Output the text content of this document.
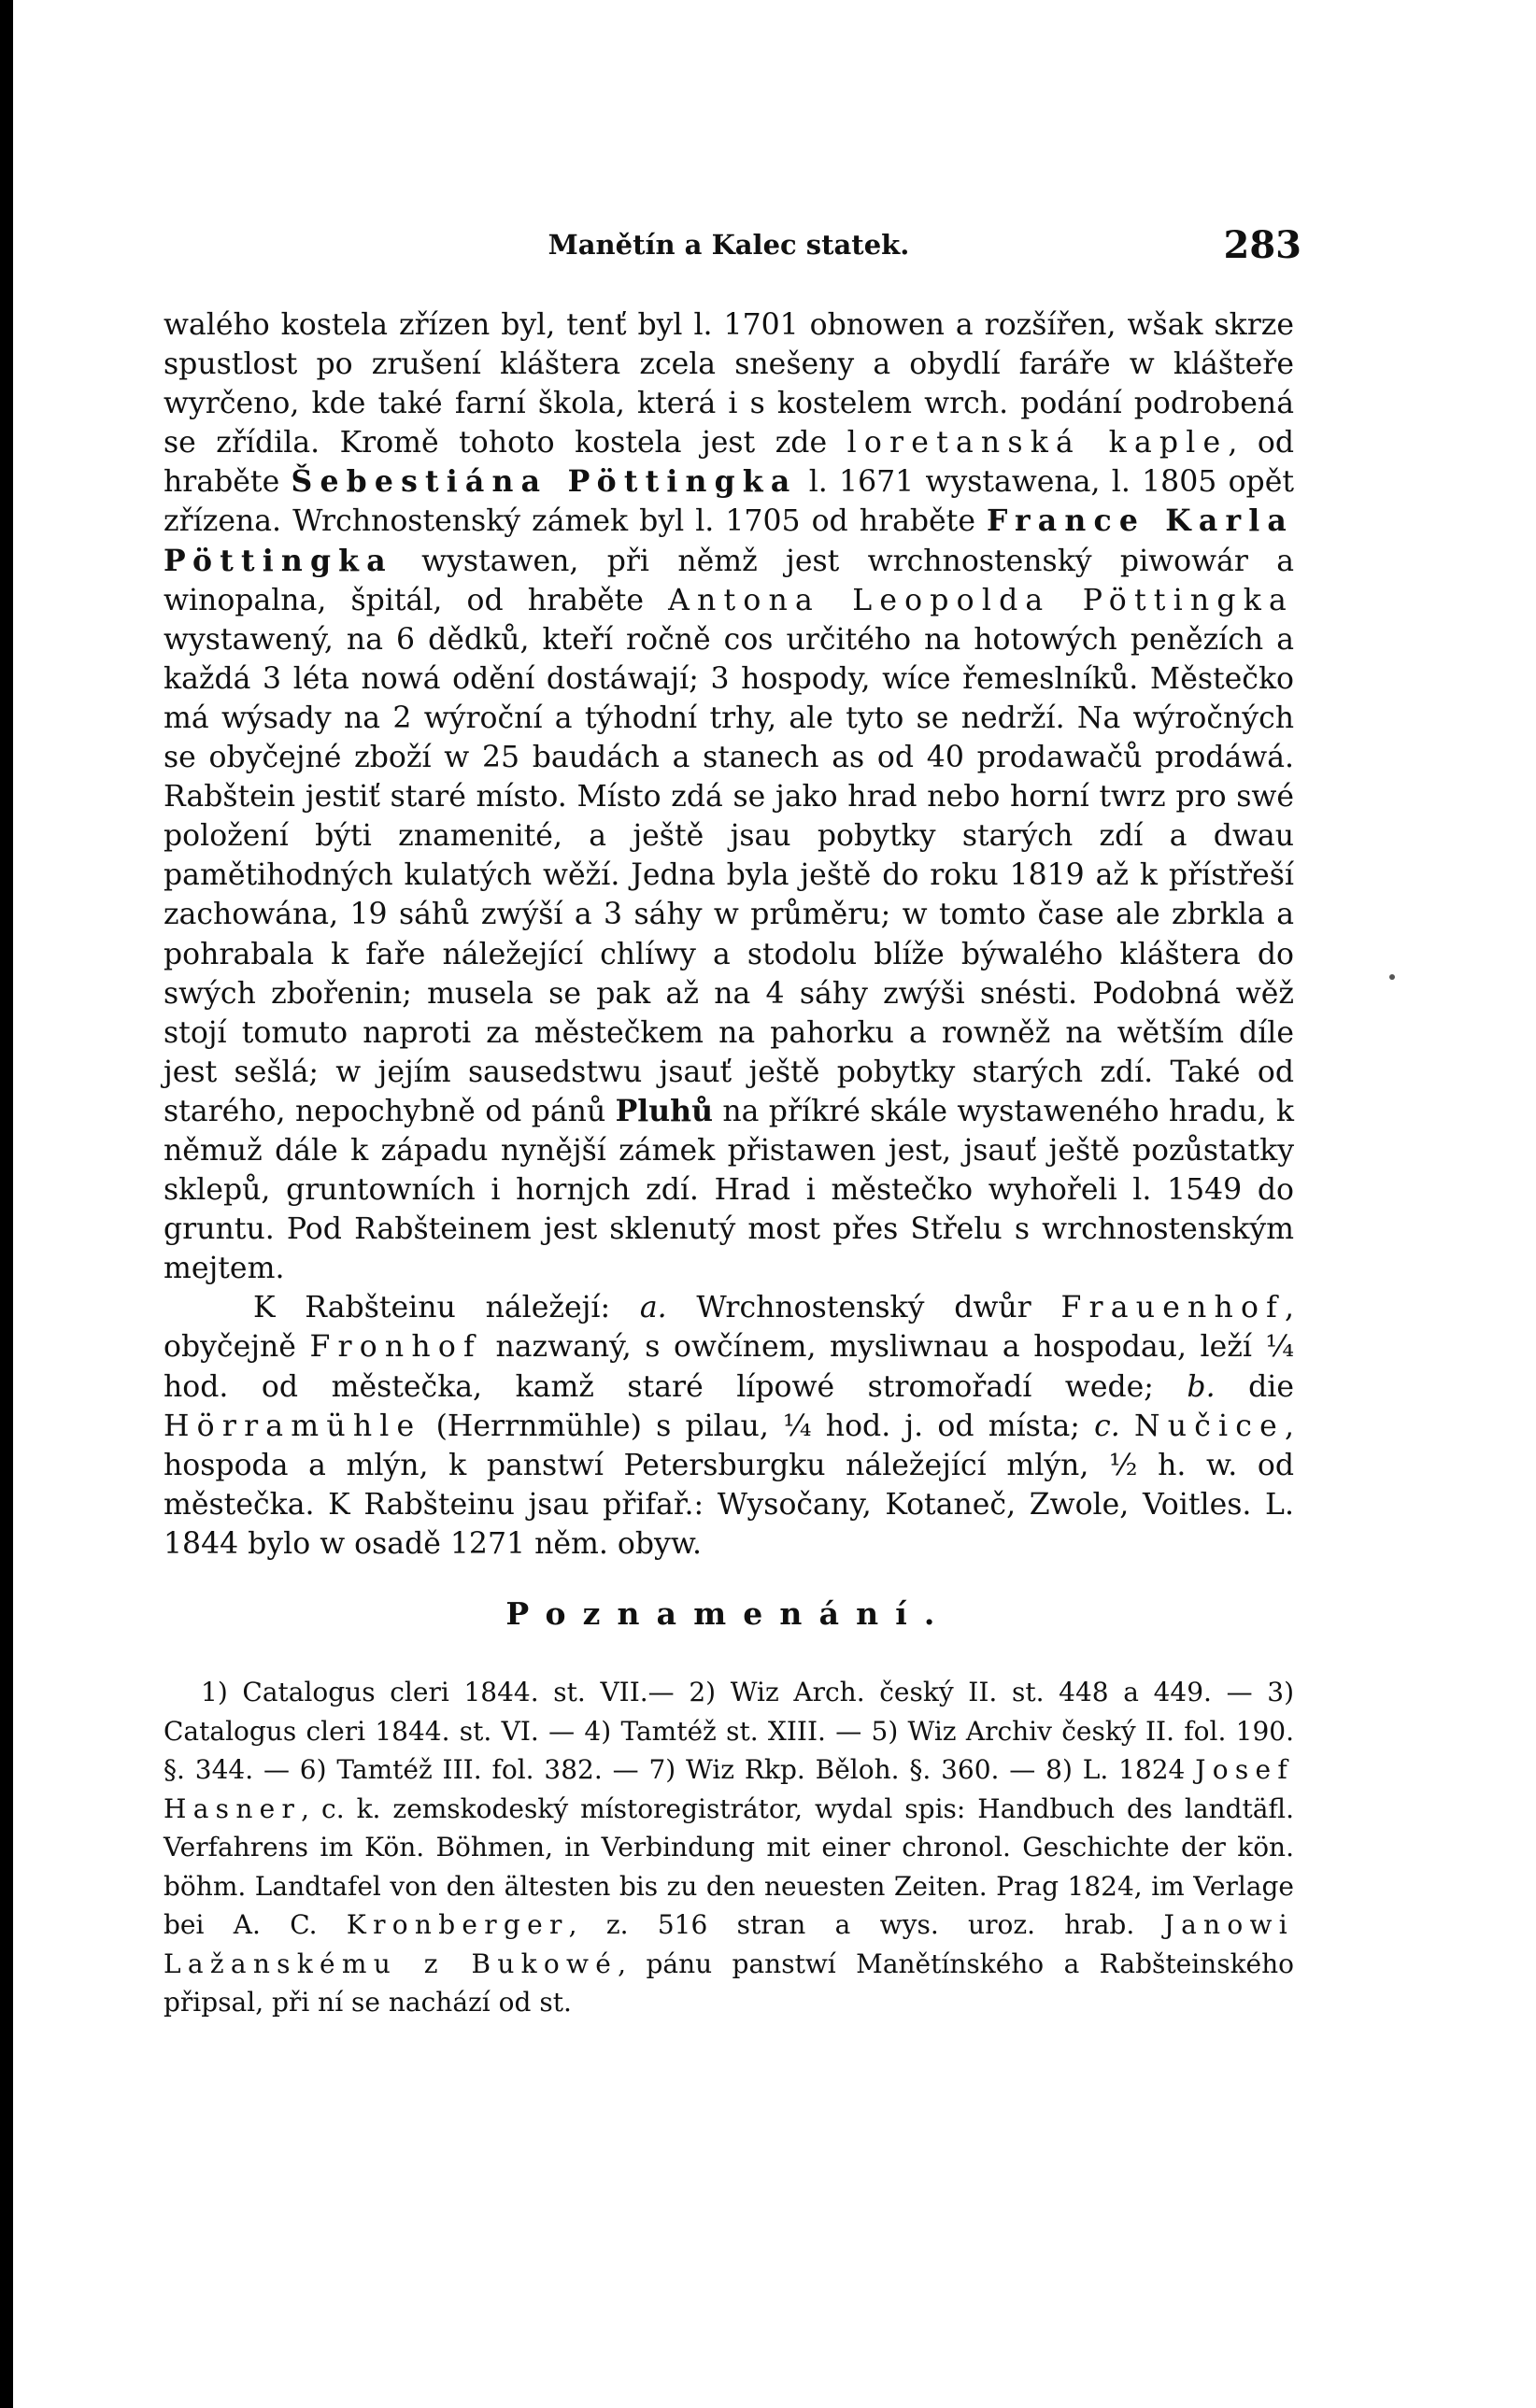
Manětín a Kalec statek.	283

walého kostela zřízen byl, tenť byl l. 1701 obnowen a rozšířen, wšak skrze spustlost po zrušení kláštera zcela snešeny a obydlí faráře w klášteře wyrčeno, kde také farní škola, která i s kostelem wrch. podání podrobená se zřídila. Kromě tohoto kostela jest zde loretanská kaple, od hraběte Šebestiána Pöttingka l. 1671 wystawena, l. 1805 opět zřízena. Wrchnostenský zámek byl l. 1705 od hraběte France Karla Pöttingka wystawen, při němž jest wrchnostenský piwowár a winopalna, špitál, od hraběte Antona Leopolda Pöttingka wystawený, na 6 dědků, kteří ročně cos určitého na hotowých penězích a každá 3 léta nowá odění dostáwají; 3 hospody, wíce řemeslníků. Městečko má wýsady na 2 wýroční a týhodní trhy, ale tyto se nedrží. Na wýročných se obyčejné zboží w 25 baudách a stanech as od 40 prodawačů prodáwá. Rabštein jestiť staré místo. Místo zdá se jako hrad nebo horní twrz pro swé položení býti znamenité, a ještě jsau pobytky starých zdí a dwau pamětihodných kulatých wěží. Jedna byla ještě do roku 1819 až k přístřeší zachowána, 19 sáhů zwýší a 3 sáhy w průměru; w tomto čase ale zbrkla a pohrabala k faře náležející chlíwy a stodolu blíže býwalého kláštera do swých zbořenin; musela se pak až na 4 sáhy zwýši snésti. Podobná wěž stojí tomuto naproti za městečkem na pahorku a rowněž na wětším díle jest sešlá; w jejím sausedstwu jsauť ještě pobytky starých zdí. Také od starého, nepochybně od pánů Pluhů na příkré skále wystaweného hradu, k němuž dále k západu nynější zámek přistawen jest, jsauť ještě pozůstatky sklepů, gruntowních i hornjch zdí. Hrad i městečko wyhořeli l. 1549 do gruntu. Pod Rabšteinem jest sklenutý most přes Střelu s wrchnostenským mejtem.

K Rabšteinu náležejí: a. Wrchnostenský dwůr Frauenhof, obyčejně Fronhof nazwaný, s owčínem, mysliwnau a hospodau, leží ¼ hod. od městečka, kamž staré lípowé stromořadí wede; b. die Hörramühle (Herrnmühle) s pilau, ¼ hod. j. od místa; c. Nučice, hospoda a mlýn, k panstwí Petersburgku náležející mlýn, ½ h. w. od městečka. K Rabšteinu jsau přifař.: Wysočany, Kotaneč, Zwole, Voitles. L. 1844 bylo w osadě 1271 něm. obyw.

Poznamenání.

1) Catalogus cleri 1844. st. VII.— 2) Wiz Arch. český II. st. 448 a 449. — 3) Catalogus cleri 1844. st. VI. — 4) Tamtéž st. XIII. — 5) Wiz Archiv český II. fol. 190. §. 344. — 6) Tamtéž III. fol. 382. — 7) Wiz Rkp. Běloh. §. 360. — 8) L. 1824 Josef Hasner, c. k. zemskodeský místoregistrátor, wydal spis: Handbuch des landtäfl. Verfahrens im Kön. Böhmen, in Verbindung mit einer chronol. Geschichte der kön. böhm. Landtafel von den ältesten bis zu den neuesten Zeiten. Prag 1824, im Verlage bei A. C. Kronberger, z. 516 stran a wys. uroz. hrab. Janowi Lažanskému z Bukowé, pánu panstwí Manětínského a Rabšteinského připsal, při ní se nachází od st.
